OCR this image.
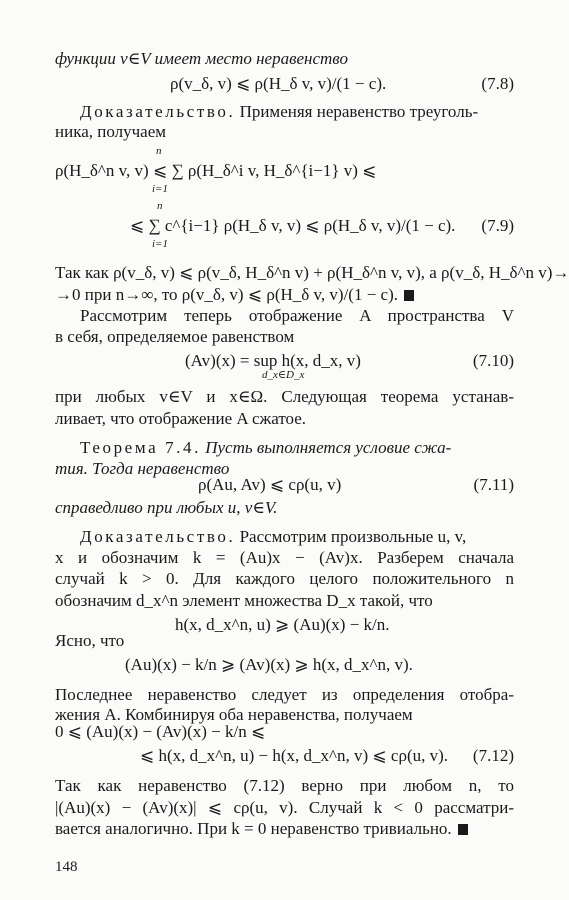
функции v∈V имеет место неравенство
ρ(v_δ, v) ⩽ ρ(H_δ v, v)/(1 − c).	(7.8)
Доказательство. Применяя неравенство треуголь-
ника, получаем
n
ρ(H_δ^n v, v) ⩽ ∑ ρ(H_δ^i v, H_δ^{i−1} v) ⩽
i=1
n
⩽ ∑ c^{i−1} ρ(H_δ v, v) ⩽ ρ(H_δ v, v)/(1 − c).	(7.9)
i=1
Так как ρ(v_δ, v) ⩽ ρ(v_δ, H_δ^n v) + ρ(H_δ^n v, v), а ρ(v_δ, H_δ^n v)→
→0 при n→∞, то ρ(v_δ, v) ⩽ ρ(H_δ v, v)/(1 − c).
Рассмотрим теперь отображение A пространства V
в себя, определяемое равенством
(Av)(x) = sup h(x, d_x, v)
d_x∈D_x
(7.10)
при любых v∈V и x∈Ω. Следующая теорема устанав-
ливает, что отображение A сжатое.
Теорема 7.4. Пусть выполняется условие сжа-
тия. Тогда неравенство
ρ(Au, Av) ⩽ cρ(u, v)	(7.11)
справедливо при любых u, v∈V.
Доказательство. Рассмотрим произвольные u, v,
x и обозначим k = (Au)x − (Av)x. Разберем сначала
случай k > 0. Для каждого целого положительного n
обозначим d_x^n элемент множества D_x такой, что
h(x, d_x^n, u) ⩾ (Au)(x) − k/n.
Ясно, что
(Au)(x) − k/n ⩾ (Av)(x) ⩾ h(x, d_x^n, v).
Последнее неравенство следует из определения отобра-
жения A. Комбинируя оба неравенства, получаем
0 ⩽ (Au)(x) − (Av)(x) − k/n ⩽
⩽ h(x, d_x^n, u) − h(x, d_x^n, v) ⩽ cρ(u, v).	(7.12)
Так как неравенство (7.12) верно при любом n, то
|(Au)(x) − (Av)(x)| ⩽ cρ(u, v). Случай k < 0 рассматри-
вается аналогично. При k = 0 неравенство тривиально.
148
